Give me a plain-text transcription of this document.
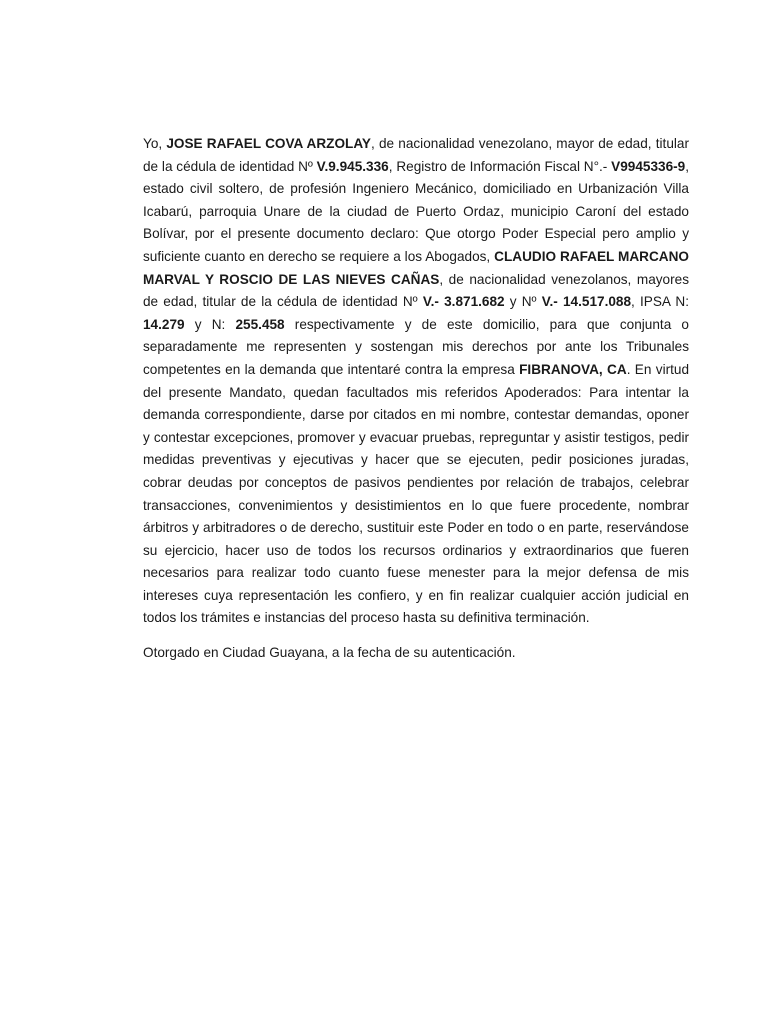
Yo, JOSE RAFAEL COVA ARZOLAY, de nacionalidad venezolano, mayor de edad, titular de la cédula de identidad Nº V.9.945.336, Registro de Información Fiscal N°.- V9945336-9, estado civil soltero, de profesión Ingeniero Mecánico, domiciliado en Urbanización Villa Icabarú, parroquia Unare de la ciudad de Puerto Ordaz, municipio Caroní del estado Bolívar, por el presente documento declaro: Que otorgo Poder Especial pero amplio y suficiente cuanto en derecho se requiere a los Abogados, CLAUDIO RAFAEL MARCANO MARVAL Y ROSCIO DE LAS NIEVES CAÑAS, de nacionalidad venezolanos, mayores de edad, titular de la cédula de identidad Nº V.- 3.871.682 y Nº V.- 14.517.088, IPSA N: 14.279 y N: 255.458 respectivamente y de este domicilio, para que conjunta o separadamente me representen y sostengan mis derechos por ante los Tribunales competentes en la demanda que intentaré contra la empresa FIBRANOVA, CA. En virtud del presente Mandato, quedan facultados mis referidos Apoderados: Para intentar la demanda correspondiente, darse por citados en mi nombre, contestar demandas, oponer y contestar excepciones, promover y evacuar pruebas, repreguntar y asistir testigos, pedir medidas preventivas y ejecutivas y hacer que se ejecuten, pedir posiciones juradas, cobrar deudas por conceptos de pasivos pendientes por relación de trabajos, celebrar transacciones, convenimientos y desistimientos en lo que fuere procedente, nombrar árbitros y arbitradores o de derecho, sustituir este Poder en todo o en parte, reservándose su ejercicio, hacer uso de todos los recursos ordinarios y extraordinarios que fueren necesarios para realizar todo cuanto fuese menester para la mejor defensa de mis intereses cuya representación les confiero, y en fin realizar cualquier acción judicial en todos los trámites e instancias del proceso hasta su definitiva terminación.

Otorgado en Ciudad Guayana, a la fecha de su autenticación.
